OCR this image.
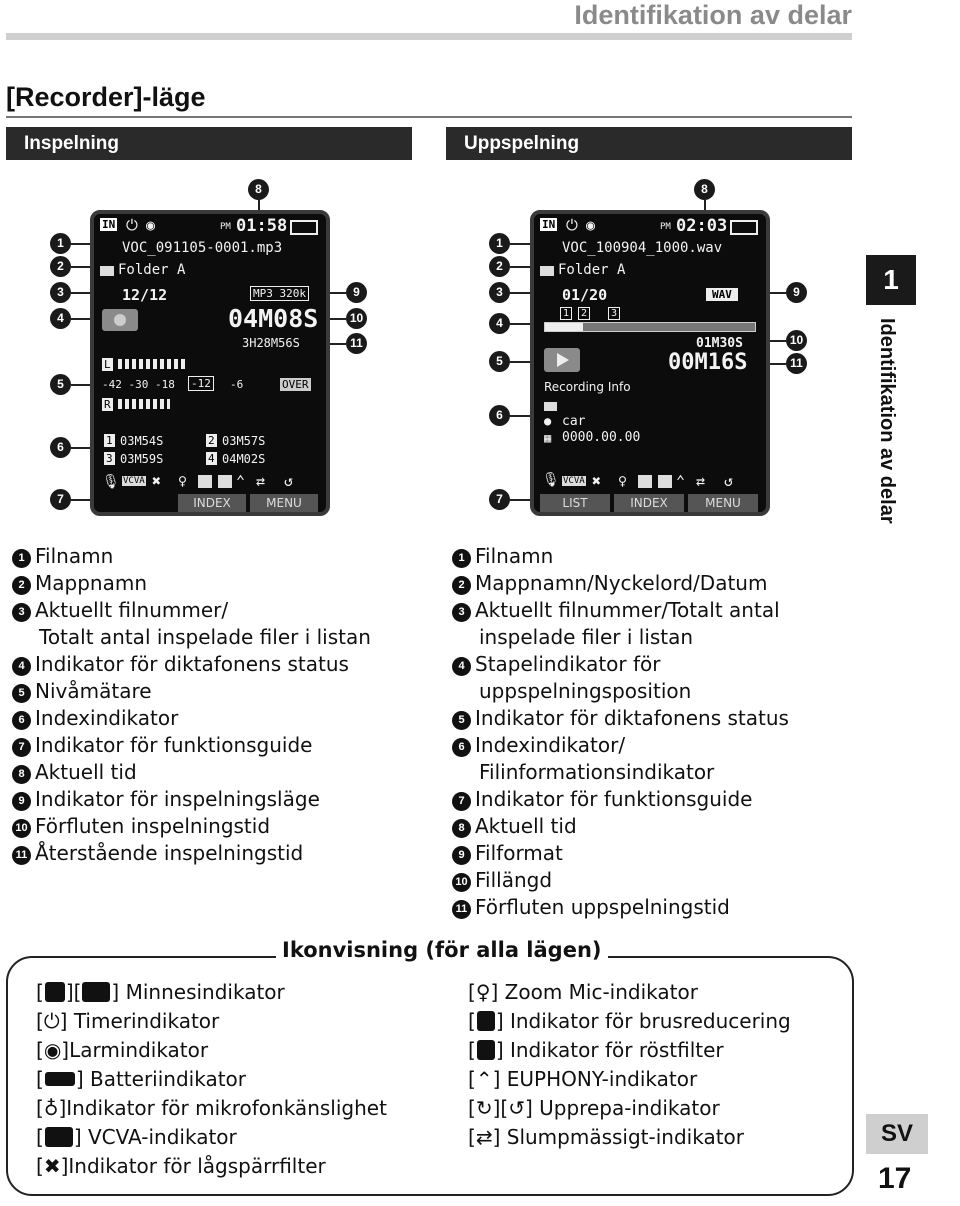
Identifikation av delar
[Recorder]-läge
Inspelning	Uppspelning
8
1
2
3
4
5
6
7
9
10
11
IN ⏻ ◉	PM 01:58
VOC_091105-0001.mp3
Folder A
12/12	MP3 320k
04M08S
3H28M56S
L
-42 -30 -18 -12 -6	OVER
R
1 03M54S	2 03M57S
3 03M59S	4 04M02S
🎙 VCVA ✖ ♀	⌃ ⇄ ↺
INDEX	MENU
8
1
2
3
4
5
6
7
9
10
11
IN ⏻ ◉	PM 02:03
VOC_100904_1000.wav
Folder A
01/20	WAV
1	2	3
01M30S
00M16S
Recording Info
● car
▦ 0000.00.00
🎙 VCVA ✖ ♀	⌃ ⇄ ↺
LIST	INDEX	MENU
1
Identifikation av delar
1 Filnamn
2 Mappnamn
3 Aktuellt filnummer/
Totalt antal inspelade filer i listan
4 Indikator för diktafonens status
5 Nivåmätare
6 Indexindikator
7 Indikator för funktionsguide
8 Aktuell tid
9 Indikator för inspelningsläge
10 Förfluten inspelningstid
11 Återstående inspelningstid
1 Filnamn
2 Mappnamn/Nyckelord/Datum
3 Aktuellt filnummer/Totalt antal
inspelade filer i listan
4 Stapelindikator för
uppspelningsposition
5 Indikator för diktafonens status
6 Indexindikator/
Filinformationsindikator
7 Indikator för funktionsguide
8 Aktuell tid
9 Filformat
10 Fillängd
11 Förfluten uppspelningstid
Ikonvisning (för alla lägen)
[ ][ ] Minnesindikator
[⏻] Timerindikator
[◉]Larmindikator
[ ] Batteriindikator
[♁]Indikator för mikrofonkänslighet
[ ] VCVA-indikator
[✖]Indikator för lågspärrfilter
[♀] Zoom Mic-indikator
[ ] Indikator för brusreducering
[ ] Indikator för röstfilter
[⌃] EUPHONY-indikator
[↻][↺] Upprepa-indikator
[⇄] Slumpmässigt-indikator	SV
17
